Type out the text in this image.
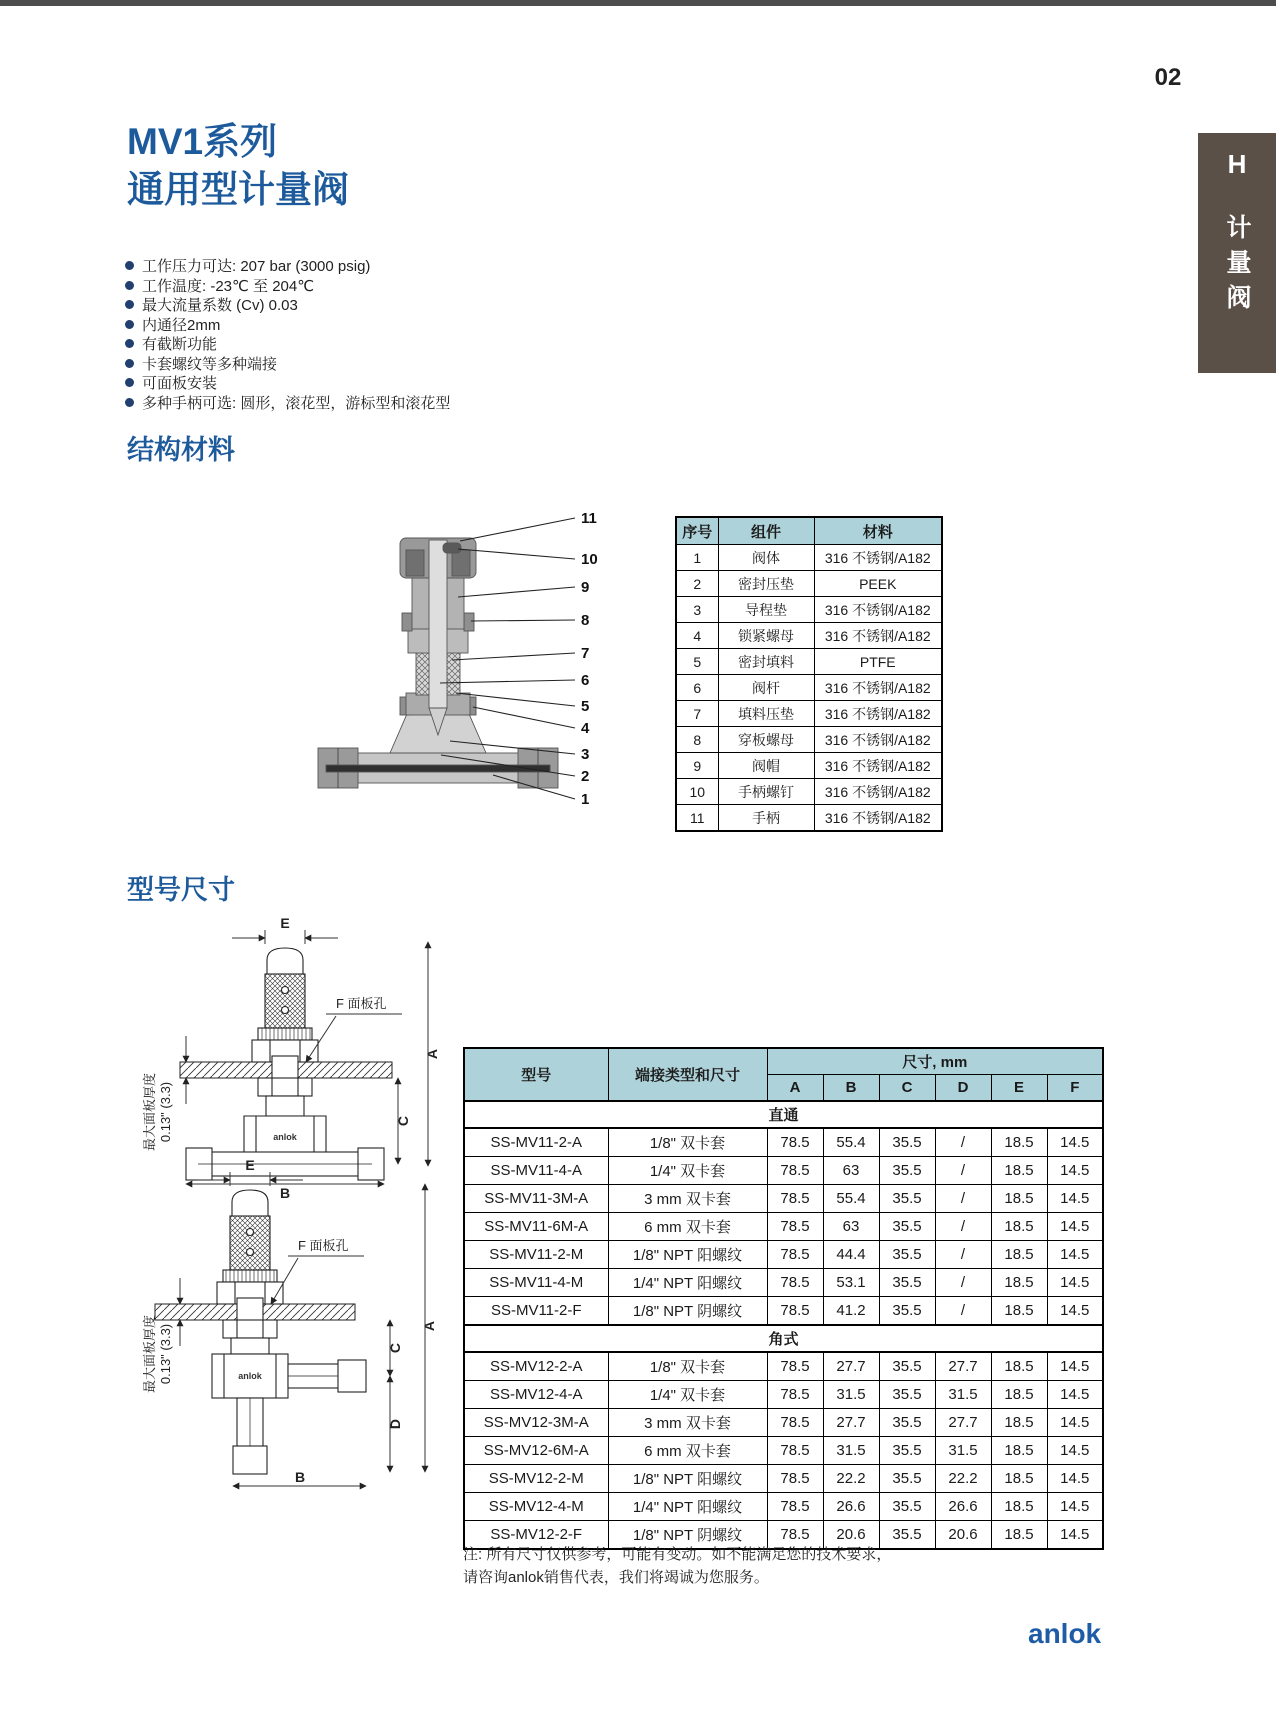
02
H
计量阀
MV1系列
通用型计量阀
工作压力可达: 207 bar (3000 psig)
工作温度: -23℃ 至 204℃
最大流量系数 (Cv) 0.03
内通径2mm
有截断功能
卡套螺纹等多种端接
可面板安装
多种手柄可选: 圆形，滚花型，游标型和滚花型
结构材料
11
10
9
8
7
6
5
4
3
2
1
序号	组件	材料
1	阀体	316 不锈钢/A182
2	密封压垫	PEEK
3	导程垫	316 不锈钢/A182
4	锁紧螺母	316 不锈钢/A182
5	密封填料	PTFE
6	阀杆	316 不锈钢/A182
7	填料压垫	316 不锈钢/A182
8	穿板螺母	316 不锈钢/A182
9	阀帽	316 不锈钢/A182
10	手柄螺钉	316 不锈钢/A182
11	手柄	316 不锈钢/A182
型号尺寸
anlok
E
F 面板孔
A
C
B
最大面板厚度 0.13" (3.3)
anlok
E
F 面板孔
A
C
D
B
最大面板厚度 0.13" (3.3)
型号	端接类型和尺寸	尺寸, mm					
		A	B	C	D	E	F
直通							
SS-MV11-2-A	1/8" 双卡套	78.5	55.4	35.5	/	18.5	14.5
SS-MV11-4-A	1/4" 双卡套	78.5	63	35.5	/	18.5	14.5
SS-MV11-3M-A	3 mm 双卡套	78.5	55.4	35.5	/	18.5	14.5
SS-MV11-6M-A	6 mm 双卡套	78.5	63	35.5	/	18.5	14.5
SS-MV11-2-M	1/8" NPT 阳螺纹	78.5	44.4	35.5	/	18.5	14.5
SS-MV11-4-M	1/4" NPT 阳螺纹	78.5	53.1	35.5	/	18.5	14.5
SS-MV11-2-F	1/8" NPT 阴螺纹	78.5	41.2	35.5	/	18.5	14.5
角式							
SS-MV12-2-A	1/8" 双卡套	78.5	27.7	35.5	27.7	18.5	14.5
SS-MV12-4-A	1/4" 双卡套	78.5	31.5	35.5	31.5	18.5	14.5
SS-MV12-3M-A	3 mm 双卡套	78.5	27.7	35.5	27.7	18.5	14.5
SS-MV12-6M-A	6 mm 双卡套	78.5	31.5	35.5	31.5	18.5	14.5
SS-MV12-2-M	1/8" NPT 阳螺纹	78.5	22.2	35.5	22.2	18.5	14.5
SS-MV12-4-M	1/4" NPT 阳螺纹	78.5	26.6	35.5	26.6	18.5	14.5
SS-MV12-2-F	1/8" NPT 阴螺纹	78.5	20.6	35.5	20.6	18.5	14.5
注: 所有尺寸仅供参考，可能有变动。如不能满足您的技术要求，
请咨询anlok销售代表，我们将竭诚为您服务。
anlok
